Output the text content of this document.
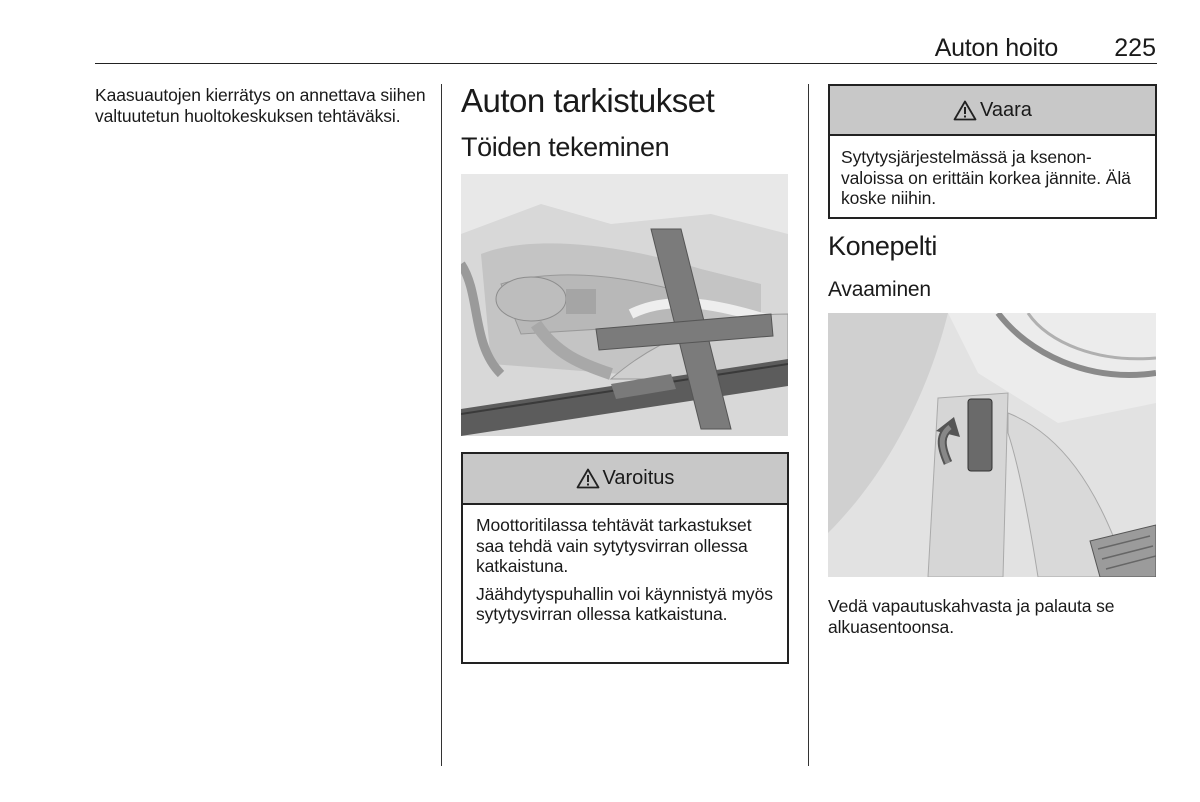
Auton hoito 225
Kaasuautojen kierrätys on annettava siihen valtuutetun huoltokeskuksen tehtäväksi.	Auton tarkistukset
Töiden tekeminen
Varoitus

Moottoritilassa tehtävät tarkastukset saa tehdä vain sytytysvirran ollessa katkaistuna.

Jäähdytyspuhallin voi käynnistyä myös sytytysvirran ollessa katkaistuna.

Vaara

Sytytysjärjestelmässä ja ksenonvaloissa on erittäin korkea jännite. Älä koske niihin.

Konepelti
Avaaminen
Vedä vapautuskahvasta ja palauta se alkuasentoonsa.
